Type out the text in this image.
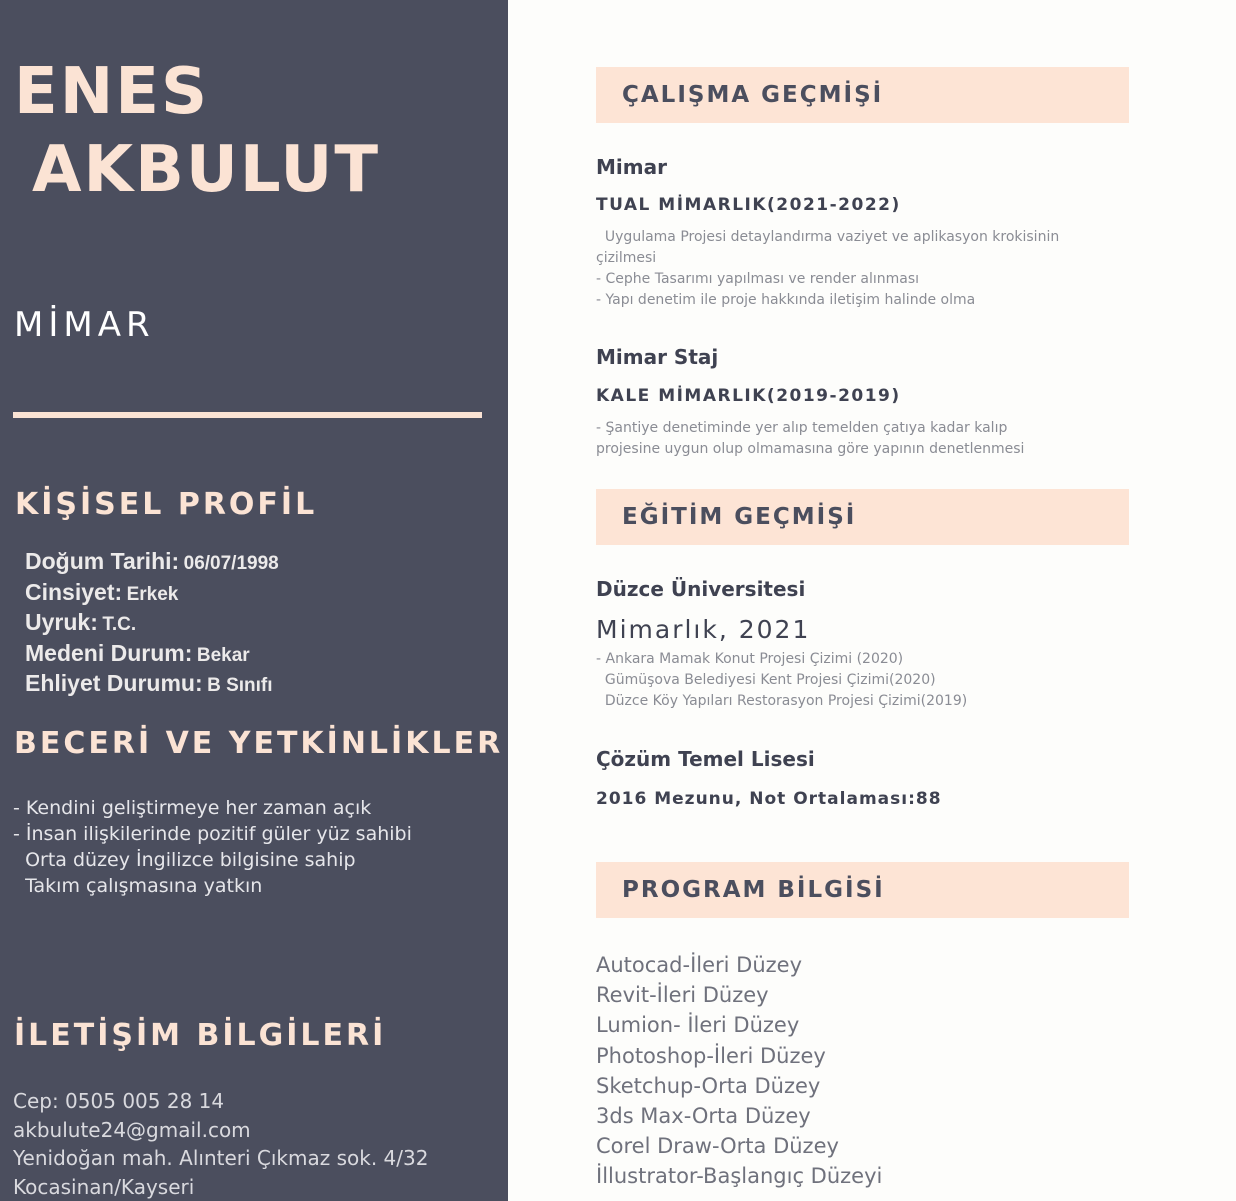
ENES
AKBULUT
MİMAR
KİŞİSEL PROFİL
Doğum Tarihi: 06/07/1998
Cinsiyet: Erkek
Uyruk: T.C.
Medeni Durum: Bekar
Ehliyet Durumu: B Sınıfı
BECERİ VE YETKİNLİKLER
- Kendini geliştirmeye her zaman açık
- İnsan ilişkilerinde pozitif güler yüz sahibi
Orta düzey İngilizce bilgisine sahip
Takım çalışmasına yatkın
İLETİŞİM BİLGİLERİ
Cep: 0505 005 28 14
akbulute24@gmail.com
Yenidoğan mah. Alınteri Çıkmaz sok. 4/32
Kocasinan/Kayseri
ÇALIŞMA GEÇMİŞİ
Mimar
TUAL MİMARLIK(2021-2022)
Uygulama Projesi detaylandırma vaziyet ve aplikasyon krokisinin
çizilmesi
- Cephe Tasarımı yapılması ve render alınması
- Yapı denetim ile proje hakkında iletişim halinde olma
Mimar Staj
KALE MİMARLIK(2019-2019)
- Şantiye denetiminde yer alıp temelden çatıya kadar kalıp
projesine uygun olup olmamasına göre yapının denetlenmesi
EĞİTİM GEÇMİŞİ
Düzce Üniversitesi
Mimarlık, 2021
- Ankara Mamak Konut Projesi Çizimi (2020)
Gümüşova Belediyesi Kent Projesi Çizimi(2020)
Düzce Köy Yapıları Restorasyon Projesi Çizimi(2019)
Çözüm Temel Lisesi
2016 Mezunu, Not Ortalaması:88
PROGRAM BİLGİSİ
Autocad-İleri Düzey
Revit-İleri Düzey
Lumion- İleri Düzey
Photoshop-İleri Düzey
Sketchup-Orta Düzey
3ds Max-Orta Düzey
Corel Draw-Orta Düzey
İllustrator-Başlangıç Düzeyi
